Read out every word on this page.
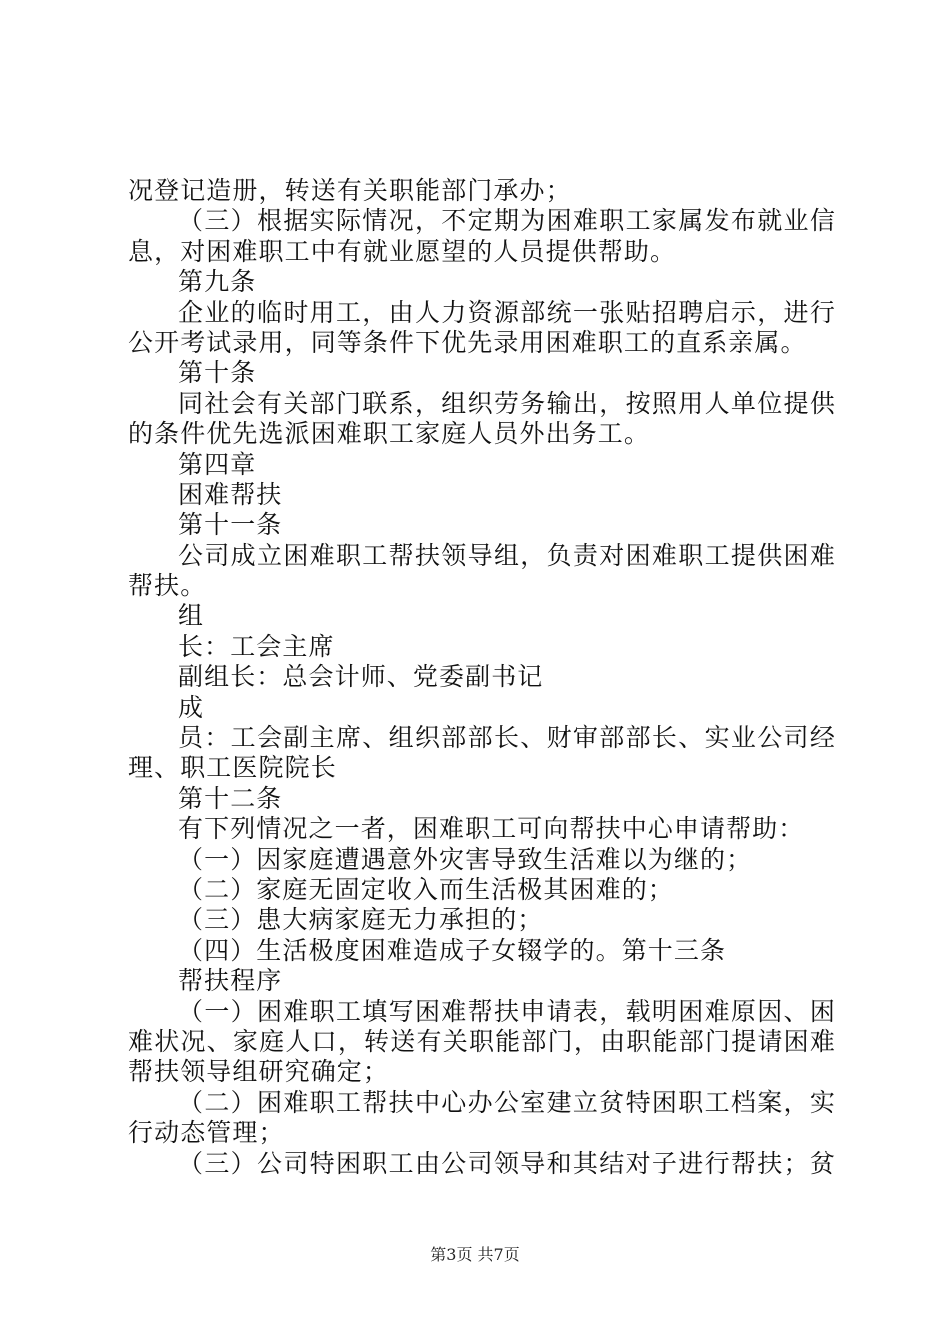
况登记造册，转送有关职能部门承办；
（三）根据实际情况，不定期为困难职工家属发布就业信
息，对困难职工中有就业愿望的人员提供帮助。
第九条
企业的临时用工，由人力资源部统一张贴招聘启示，进行
公开考试录用，同等条件下优先录用困难职工的直系亲属。
第十条
同社会有关部门联系，组织劳务输出，按照用人单位提供
的条件优先选派困难职工家庭人员外出务工。
第四章
困难帮扶
第十一条
公司成立困难职工帮扶领导组，负责对困难职工提供困难
帮扶。
组
长：工会主席
副组长：总会计师、党委副书记
成
员：工会副主席、组织部部长、财审部部长、实业公司经
理、职工医院院长
第十二条
有下列情况之一者，困难职工可向帮扶中心申请帮助：
（一）因家庭遭遇意外灾害导致生活难以为继的；
（二）家庭无固定收入而生活极其困难的；
（三）患大病家庭无力承担的；
（四）生活极度困难造成子女辍学的。第十三条
帮扶程序
（一）困难职工填写困难帮扶申请表，载明困难原因、困
难状况、家庭人口，转送有关职能部门，由职能部门提请困难
帮扶领导组研究确定；
（二）困难职工帮扶中心办公室建立贫特困职工档案，实
行动态管理；
（三）公司特困职工由公司领导和其结对子进行帮扶；贫
第3页 共7页
